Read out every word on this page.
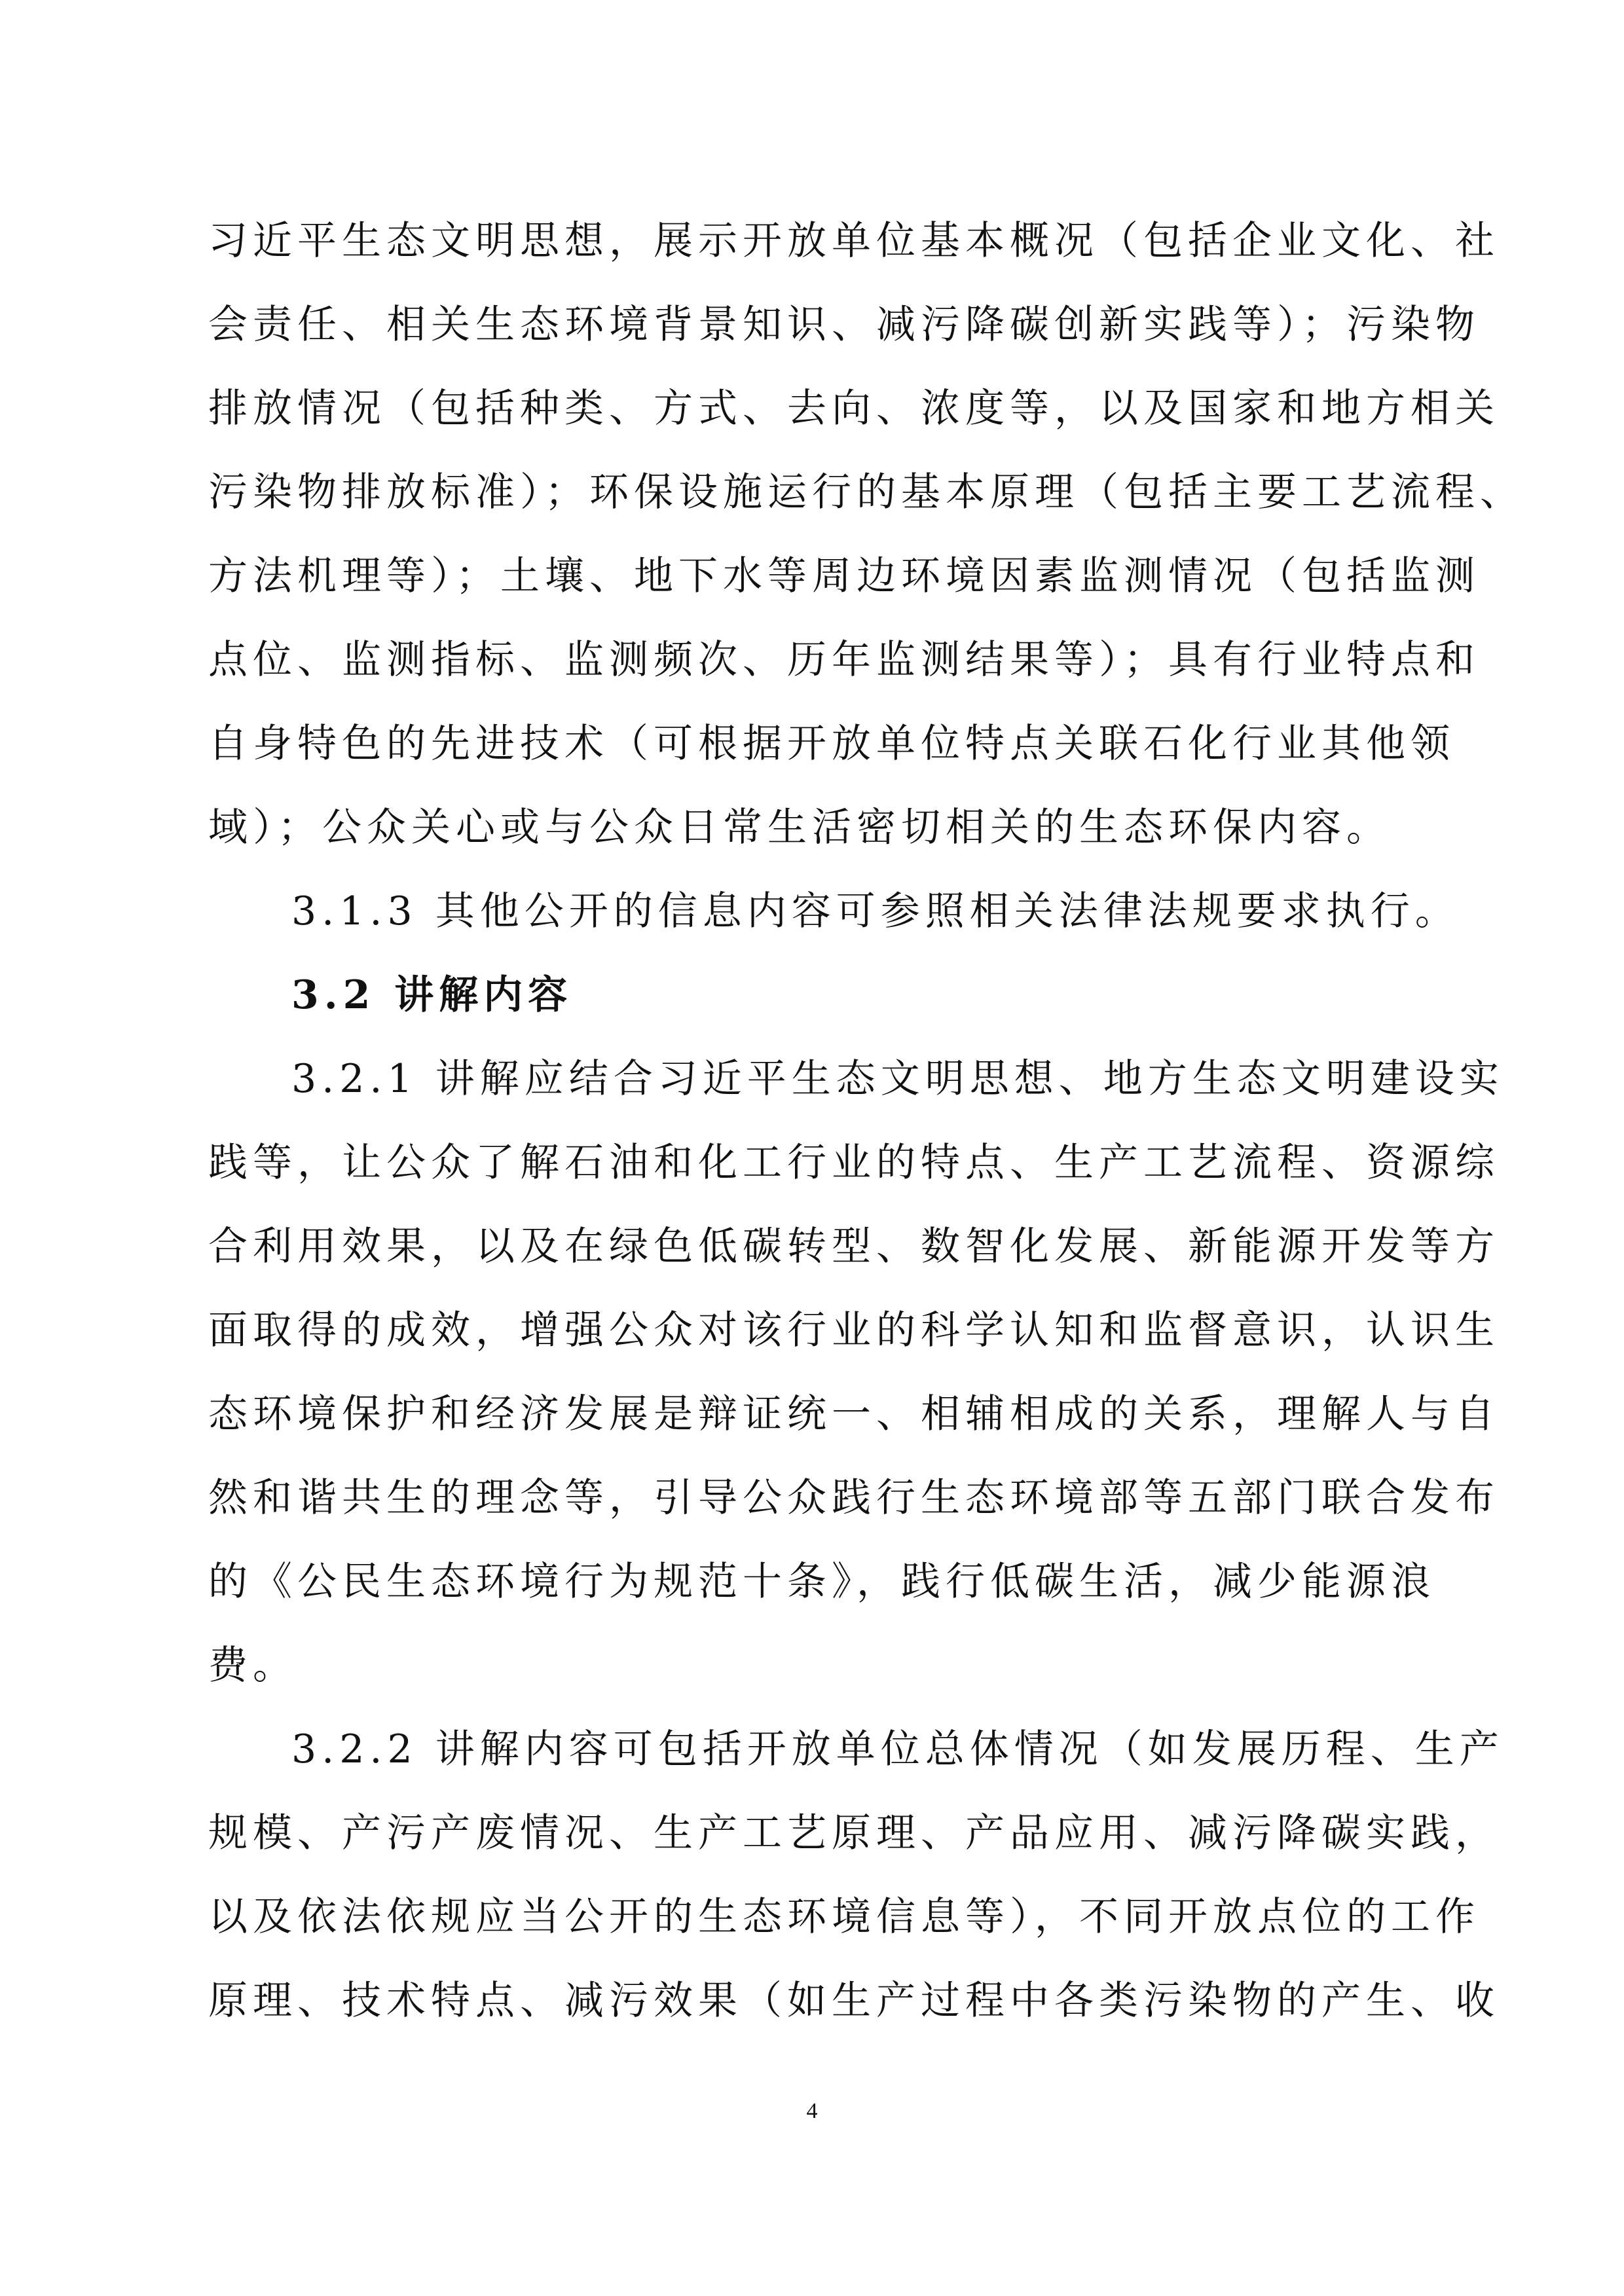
习近平生态文明思想，展示开放单位基本概况（包括企业文化、社
会责任、相关生态环境背景知识、减污降碳创新实践等）；污染物
排放情况（包括种类、方式、去向、浓度等，以及国家和地方相关
污染物排放标准）；环保设施运行的基本原理（包括主要工艺流程、
方法机理等）；土壤、地下水等周边环境因素监测情况（包括监测
点位、监测指标、监测频次、历年监测结果等）；具有行业特点和
自身特色的先进技术（可根据开放单位特点关联石化行业其他领
域）；公众关心或与公众日常生活密切相关的生态环保内容。
3.1.3 其他公开的信息内容可参照相关法律法规要求执行。
3.2 讲解内容
3.2.1 讲解应结合习近平生态文明思想、地方生态文明建设实
践等，让公众了解石油和化工行业的特点、生产工艺流程、资源综
合利用效果，以及在绿色低碳转型、数智化发展、新能源开发等方
面取得的成效，增强公众对该行业的科学认知和监督意识，认识生
态环境保护和经济发展是辩证统一、相辅相成的关系，理解人与自
然和谐共生的理念等，引导公众践行生态环境部等五部门联合发布
的《公民生态环境行为规范十条》，践行低碳生活，减少能源浪
费。
3.2.2 讲解内容可包括开放单位总体情况（如发展历程、生产
规模、产污产废情况、生产工艺原理、产品应用、减污降碳实践，
以及依法依规应当公开的生态环境信息等），不同开放点位的工作
原理、技术特点、减污效果（如生产过程中各类污染物的产生、收
4
